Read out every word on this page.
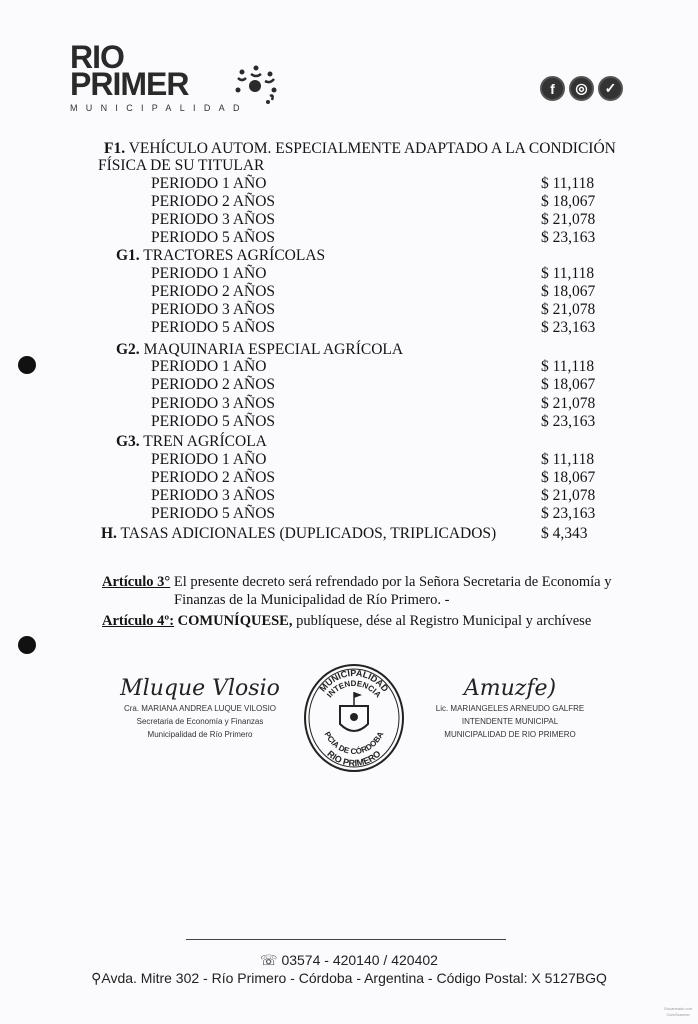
RIO
PRIMER
MUNICIPALIDAD
f	◎	✓
F1. VEHÍCULO AUTOM. ESPECIALMENTE ADAPTADO A LA CONDICIÓN
FÍSICA DE SU TITULAR
PERIODO 1 AÑO	$ 11,118
PERIODO 2 AÑOS	$ 18,067
PERIODO 3 AÑOS	$ 21,078
PERIODO 5 AÑOS	$ 23,163
G1. TRACTORES AGRÍCOLAS
PERIODO 1 AÑO	$ 11,118
PERIODO 2 AÑOS	$ 18,067
PERIODO 3 AÑOS	$ 21,078
PERIODO 5 AÑOS	$ 23,163
G2. MAQUINARIA ESPECIAL AGRÍCOLA
PERIODO 1 AÑO	$ 11,118
PERIODO 2 AÑOS	$ 18,067
PERIODO 3 AÑOS	$ 21,078
PERIODO 5 AÑOS	$ 23,163
G3. TREN AGRÍCOLA
PERIODO 1 AÑO	$ 11,118
PERIODO 2 AÑOS	$ 18,067
PERIODO 3 AÑOS	$ 21,078
PERIODO 5 AÑOS	$ 23,163
H. TASAS ADICIONALES (DUPLICADOS, TRIPLICADOS)	$ 4,343
Artículo 3° El presente decreto será refrendado por la Señora Secretaria de Economía y
Finanzas de la Municipalidad de Río Primero. -
Artículo 4º: COMUNÍQUESE, publíquese, dése al Registro Municipal y archívese
Mluque Vlosio
Cra. MARIANA ANDREA LUQUE VILOSIO
Secretaria de Economía y Finanzas
Municipalidad de Río Primero
MUNICIPALIDAD
INTENDENCIA
PCIA DE CÓRDOBA
RIO PRIMERO
Amuzfe)
Lic. MARIANGELES ARNEUDO GALFRE
INTENDENTE MUNICIPAL
MUNICIPALIDAD DE RIO PRIMERO
☏ 03574 - 420140 / 420402
⚲Avda. Mitre 302 - Río Primero - Córdoba - Argentina - Código Postal: X 5127BGQ
Escaneado con
CamScanner
